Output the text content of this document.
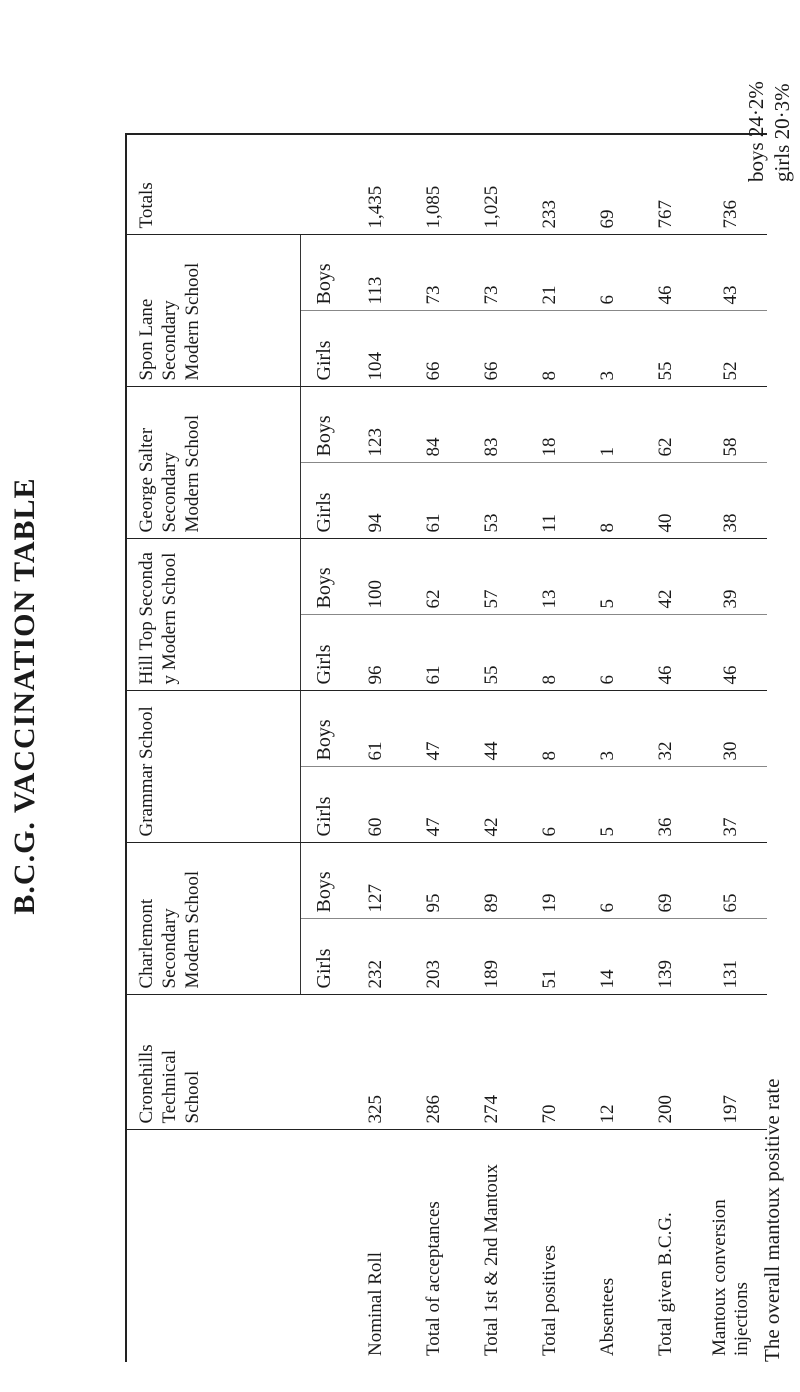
B.C.G. VACCINATION TABLE
	Cronehills Technical School	Charlemont Secondary Modern School		Grammar School		Hill Top Seconda y Modern School		George Salter Secondary Modern School		Spon Lane Secondary Modern School		Totals
		Girls	Boys	Girls	Boys	Girls	Boys	Girls	Boys	Girls	Boys	
Nominal Roll	325	232	127	60	61	96	100	94	123	104	113	1,435
Total of acceptances	286	203	95	47	47	61	62	61	84	66	73	1,085
Total 1st & 2nd Mantoux	274	189	89	42	44	55	57	53	83	66	73	1,025
Total positives	70	51	19	6	8	8	13	11	18	8	21	233
Absentees	12	14	6	5	3	6	5	8	1	3	6	69
Total given B.C.G.	200	139	69	36	32	46	42	40	62	55	46	767
Mantoux conversion injections	197	131	65	37	30	46	39	38	58	52	43	736
The overall mantoux positive rate
boys 24·2% girls 20·3%
